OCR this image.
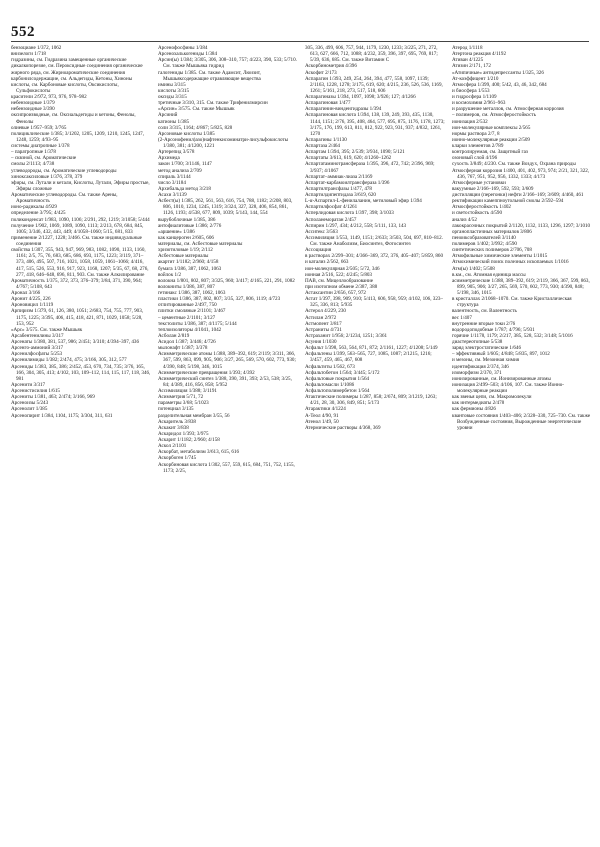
552

бензоциане 1/372, 1062

внизелоги 1/718

гидразины, см. Гидразина замещенные органические

дикалкопорезие, см. Пероксидные соединения органические

жирного ряда, см. Жирноароматические соединения

карбонилсодержащие, см. Альдегиды, Кетоны, Хиноны

кислоты, см. Карбоновые кислоты, Оксикислоты, Сульфокислоты

красители 2/972, 973, 976, 978–982

небензоидные 1/379

небензоидные 3/390

оксипроизводные, см. Оксиальдегиды и кетоны, Фенолы, Фенолы

олиевые 1/957–959; 3/765

полициклические 1/385; 3/1202, 1205, 1209, 1210, 1245, 1247, 1248, 1259; 4/93–95

системы диатропные 1/378

– паратропные 1/378

– сквзной, см. Ароматические

смолы 2/1113; 4/738

углеводороды, см. Ароматические углеводороды

хиноксаксиловые 1/376, 378, 379

эфиры, см. Лутали и кетали, Кислоты, Лутали, Эфиры простые, Эфиры сложные

Ароматические углеводороды. См. также Арены, Ароматичность

ионо-радикалы 4/929

определение 3/795; 4/425

поликонденсат 1/983, 1090, 1106; 2/291, 292, 1219; 3/1058; 5/444

получение 1/902, 1069, 1089, 1090, 1113; 2/213, 678, 684, 845, 1005; 3/346, 432, 443, 449; 4/1058–1060; 5/15, 681, 833

применение 2/1227, 1228; 3/466. См. также индивидуальные соединения

свойства 1/307, 355, 943, 947, 969, 983, 1082, 1090, 1133, 1160, 1161; 2/5, 75, 76, 683, 685, 686, 693, 1175, 1223; 3/119, 371–373, 406, 495, 507, 716, 1021, 1058, 1059, 1061–1066; 4/416, 417, 515, 526, 553, 916, 917, 923, 1168, 1207; 5/35, 67, 68, 276, 277, 418, 646–648, 696, 811, 903. См. также Алкилирование

Ароматичность 1/375, 372, 373, 376–379; 3/84, 371, 390, 964; 4/767; 5/108, 643

Аронал 3/166

Аронит 4/225, 226

Ароновицил 1/1119

Арпиризм 1/379, 61, 126, 380, 1051; 2/683, 754, 755, 777, 903, 1175, 1225; 3/395, 406, 415, 418, 421, 871, 1029, 1058; 5/28, 153, 952

«Арс» 3/575. См. также Мышьяк

Арсабентенилины 3/317

Арсенаты 1/380, 381, 537, 986; 2/451; 3/310; 4/394–397, 436

Арсенго-аммоний 3/317

Арсенилфосфаты 5/253

Арсенилимиды 1/382; 2/474, 475; 3/166, 305, 312, 577

Арсениды 1/383, 385, 386; 2/452, 453, 670, 734, 735; 3/76, 165, 166, 304, 305, 413; 4/102, 103, 109–112, 114, 115, 117, 118, 346, 981

Арсенити 3/317

Арсенистисилия 1/615

Арсениты 1/381, 463; 2/474; 3/166, 969

Арсеноизы 5/243

Арсенолит 1/385

Арсенопирит 1/384, 1104, 1175; 3/304, 311, 631

Арсенофосфины 1/384

Арсенохалькогениды 1/384

Арсин(ы) 1/384; 3/305, 306, 308–310, 757; 4/223, 390, 533; 5/710. См. также Мышьяка гидрид

галогениды 1/385. См. также Адамсит, Люизит, Мышьяксодержащие отравляющие вещества

имины 3/315

кислоты 3/315

оксиды 3/315

третичные 3/310, 315. См. также Трифенилмирсин

«Арсин» 3/575. См. также Мышьяк

Арсиний

катионы 1/385

соли 3/315, 1164; 4/867; 5/825, 828

Арсоновые кислоты 1/385

(2-Арсонофенил)азо)нафтенкисоминатри-лисульфокислоты 1/380, 381; 4/1200, 1221

Артерепид 3/578

Архимеда

закон 1/700; 3/1146, 1147

метод анализа 2/709

спираль 3/1144

число 3/1184

Архибальда метод 3/218

Асахи 3/1139

Асбест(ы) 1/385, 262, 561, 563, 616, 754, 788, 1182; 2/208, 803, 806, 1010, 1234, 1245, 1319; 3/324, 327, 328, 406, 854, 861, 1126, 1193; 4/538, 677, 809, 1039; 5/143, 144, 554

вырубоблочные 1/385, 386

антофиалитовые 1/386; 2/776

«аршение» 1/386

как канцероген 2/605, 606

материалы, см. Асбестовые материалы

хризотиловые 1/19; 2/112

Асбестовые материалы

акартит 1/1182; 2/960; 4/158

бумага 1/386, 387, 1062, 1063

войлок 1/2

волокна 1/801, 802, 807; 3/325, 960; 3/417; 4/165, 221, 291, 1082

волокниты 1/386, 387, 807

гетинакс 1/386, 387, 1062, 1063

пластики 1/386, 387, 802, 807; 3/35, 327, 806, 1119; 4/723

отлитированные 2/497, 750

плитки смоляные 2/1101; 3/467

– цементные 2/1101; 3/127

текстолиты 1/386, 387; 4/1175; 5/144

теплоизоляторы 4/1041, 1042

Асболан 2/819

Асидол 1/387; 3/446; 4/726

мылонафт 1/387; 3/378

Асимметрические атомы 1/388, 389–392, 619; 2/119; 3/311, 366, 367, 599, 863, 899, 905, 906; 3/27, 265, 569, 570, 602, 773, 930; 4/390, 848; 5/198, 346, 1015

Асимметрические превращения 1/393; 4/392

Асимметрический синтез 1/388, 390, 391, 393; 2/53, 538; 3/25, 84; 4/389, 416, 856, 858; 5/952

Ассимиляция 1/388; 3/1191

Асимметрия 5/71, 72

параметры 3/68; 5/1023

потенциал 3/135

разделительная мембран 3/55, 56

Аскаритель 3/838

Аскакит 3/838

Аскаридол 1/393; 3/975

Аскарит 1/1182; 2/960; 4/158

Аскол 2/1101

Аскорбат, метаболизм 3/613, 615, 616

Аскорбоген 1/745

Аскорбиновая кислота 1/302, 557, 559, 615, 684, 751, 752, 1155, 1173; 2/25,

305, 336, 499, 606, 757, 944, 1179, 1230, 1233; 3/225, 271, 272, 613, 627, 666, 712, 1088; 4/232, 359, 396, 397, 695, 769, 817; 5/39, 636, 685. См. также Витамин С

Аскорбинометрия 4/396

Аскофит 2/173

Аспарагин 1/393, 249, 254, 264, 394, 477, 558, 1097, 1139; 2/1163, 1228, 1278; 3/175, 619, 620; 4/215, 236, 526, 536, 1169, 1261; 5/161, 218, 273, 517, 518, 606

Аспарагиназы 1/394, 1097, 1098; 3/926; 127; 4/1266

Аспарагиновая 1/477

Аспарагинин-винденгидразы 1/394

Аспарагиновая кислота 1/394, 138, 139, 249, 393, 435, 1130, 1144, 1151; 2/76, 395, 408, 464, 577, 695, 875, 1176, 1178, 1273; 3/175, 176, 199, 613, 811, 812, 922, 923, 931, 937; 4/832, 1261, 1270

Аспарагины 1/1130

Аспартаза 2/464

Аспартам 1/394, 395; 2/539; 3/934, 1090; 5/121

Аспартаты 3/613, 619, 620; 4/1260–1262

Аспартатаминотрансфераза 1/395, 396, 472, 742; 2/396, 969; 3/937; 4/1067

Аспартат–аммиак-лиаза 2/1169

Аспартат-карбамоилтрансфераза 1/396

Аспартилтрансфазы 1/477, 478

Аспартилдипептидаза 3/619, 620

L-α-Аспартил-L-фенилаланин, метиловый эфир 1/394

Аспартилфосфат 4/1261

Асперлидовая кислота 1/397, 398; 3/1033

Асполанеморатан 2/457

Аспирин 1/297, 434; 4/212, 558; 5/111, 133, 143

Асситекс 3/563

Ассимиляция 1/553, 1149, 1151; 2/633; 3/503, 504, 697, 810–812. См. также Анаболизм, Биосинтез, Фотосинтез

Ассоциация

в растворах 2/299–301; 4/366–369, 372, 376, 405–407; 5/859, 860

и катализ 2/562, 663

ион-молекулярная 2/505; 5/72, 346

ионная 2/516, 522; 4/245; 5/803

ПАВ, см. Мицеллообразование

при изотопном обмене 2/387, 388

Астаксантин 2/656, 657, 972

Астат 1/397, 398, 909, 910; 5/413, 606, 958, 959; 4/102, 106, 323–325, 336, 813; 5/935

Астерол 4/229, 230

Астилан 2/972

Астмопент 3/817

Астраниты 4/731

Астраханит 1/956; 2/1234, 1251; 3/361

Асуния 1/1030

Асфальт 1/398, 563, 564, 871, 872; 2/1161, 1227; 4/1208; 5/149

Асфальтены 1/399, 563–565, 727, 1085, 1087; 2/1215, 1216; 3/457, 459, 465, 467, 608

Асфальтиты 1/562, 673

Асфальтобетон 1/564; 3/445; 5/172

Асфальтовые покрытия 1/564

Асфальтомасли 1/1086

Асфальтополимербетон 1/564

Атактические полимеры 1/287, 858; 2/674, 809; 3/1219, 1263; 4/21, 28, 30, 306, 849, 851; 5/173

Атарактики 4/1224

А-Теол 4/90, 91

Атенол 1/49, 50

Атермические растворы 4/368, 369

Атерод 1/1118

Атертона реакция 4/1192

Ативан 4/1225

Атизин 2/171, 172

«Атипичные» антидепрессанты 1/325, 326

Ат-коэффицент 1/210

Атмосфера 1/399, 400; 5/42, 43, 46, 342, 684

и биосфера 1/553

и гидросфера 1/1109

и космохимия 2/961–963

и разрушение металлов, см. Атмосферная коррозия

– полимеров, см. Атмосферостойкость

ионизация 2/532

ион-молекулярные комплексы 2/565

нормы раствора 2/7, 8

ионно-молекулярные реакции 2/509

кларки элементов 2/789

контролируемая, см. Защитный газ

озоновый слой 4/196

сухость 3/849; 4/230. См. также Воздух, Охрана природы

Атмосферная коррозия 1/400, 401, 402, 973, 974; 2/21, 321, 322, 436, 767, 951, 952, 956, 1332, 1333; 4/173

Атмосферные установки

вакуумные 2/166–169, 592, 593; 3/609

дистилляции (перегонки) нефти 2/166–169; 3/609; 4/460, 461

ректификации камеппноутольной смолы 2/592–594

Атмосферостойкость 1/402

и светостойкость 4/590

анализ 4/52

лакокрасочных покрытий 2/1120, 1132, 1133, 1296, 1297; 3/1010

органопластичных материалов 3/806

пеноиксобразователей 3/1140

полимеров 1/402; 3/992; 4/590

синтетических полимеров 2/706, 708

Атмофильные химические элементы 1/1015

Атмохимический поиск полезных ископаемых 1/1016

Атм(ы) 1/402; 5/508

в.км., см. Атомная единица массы

асимметрические 1/388, 389–392, 619; 2/119, 366, 367, 599, 863, 899, 905, 906; 3/27, 265, 569, 570, 602, 773, 930; 4/390, 848; 5/198, 346, 1015

в кристаллах 2/1068–1070. См. также Кристаллическая структура

валентность, см. Валентность

вес 1/407

внутренние вторые токи 2/76

водородоподобные 1/787; 4/796; 5/931

горячие 1/1178, 1179; 2/217, 385, 528, 532; 3/148; 5/1016

диастереотопные 5/538

заряд электростатические 1/646

– эффективный 1/605; 4/848; 5/835, 897, 1012

и мезоны, см. Мезонная химия

идентификация 2/374, 346

изоморфизм 2/370, 371

ионизированные, см. Ионизированные атомы

ионизация 2/499–503; 4/106, 107. См. также Ионно-молекулярные реакции

как звенья цепи, см. Макромолекули

как интермедиаты 2/478

как фермионы 4/826

квантовые состояния 1/403–406; 2/328–330, 725–730. См. также Возбужденные состояния, Вырожденные энергетические уровни
